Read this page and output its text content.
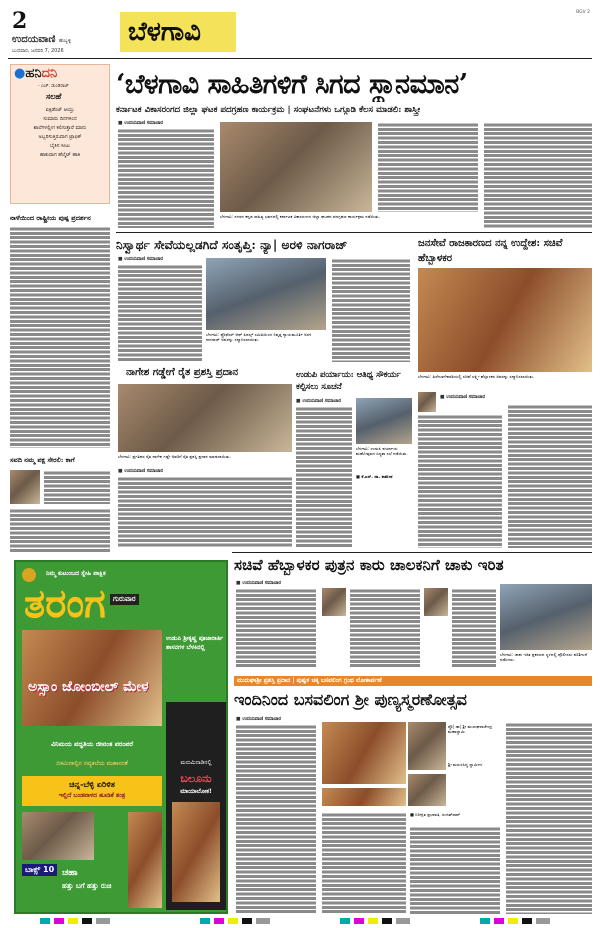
2
ಉದಯವಾಣಿ ಹುಬ್ಬಳ್ಳಿ
ಬುಧವಾರ, ಜನವರಿ 7, 2026
ಬೆಳಗಾವಿ
BGV 2
●ಹನಿದನಿ
- ಎಚ್. ಡುಂಡಿರಾಜ್
ಸಲಹೆ
ಏಕ್ಸಿಡೆಂಟ್ ಆಯ್ತು
ಸುಮಾರು ದಿನಗಳಿಂದ
ಶಾಲೆಗಳಲ್ಲೀಗ ಕಲಿಸುತ್ತಾರೆ ಮಾನು
ಅಬ್ಬರಿಸುತ್ತಿರುವಾಗ ಟ್ರಾಫಿಕ್
ಬೈಕಿನ ಸೀಟು
ಹಾಕುವಾಗ ಹೆಲ್ಮೆಟ್ ಹಾಕಿ
ನಾಳೆಯಿಂದ ರಾಷ್ಟ್ರೀಯ ಪುಷ್ಪ ಪ್ರದರ್ಶನ
ಸವದಿ ನಮ್ಮ ಪಕ್ಷ ಸೇರಲಿ: ಕಾಗೆ
‘ಬೆಳಗಾವಿ ಸಾಹಿತಿಗಳಿಗೆ ಸಿಗದ ಸ್ಥಾನಮಾನ’
ಕರ್ನಾಟಕ ವಿಕಾಸರಂಗದ ಜಿಲ್ಲಾ ಘಟಕ ಪದಗ್ರಹಣ ಕಾರ್ಯಕ್ರಮ | ಸಂಘಟನೆಗಳು ಒಗ್ಗೂಡಿ ಕೆಲಸ ಮಾಡಲಿ: ಶಾಸ್ತ್ರೀ
■ ಉದಯವಾಣಿ ಸಮಾಚಾರ
ಬೆಳಗಾವಿ: ನಗರದ ಕನ್ನಡ ಸಾಹಿತ್ಯ ಭವನದಲ್ಲಿ ಕರ್ನಾಟಕ ವಿಕಾಸರಂಗದ ಜಿಲ್ಲಾ ಘಟಕದ ಪದಗ್ರಹಣ ಕಾರ್ಯಕ್ರಮ ನಡೆಯಿತು.
ನಿಸ್ವಾರ್ಥ ಸೇವೆಯಲ್ಲಡಗಿದೆ ಸಂತೃಪ್ತಿ: ನ್ಯಾ| ಅರಳಿ ನಾಗರಾಜ್
■ ಉದಯವಾಣಿ ಸಮಾಚಾರ
ಬೆಳಗಾವಿ: ಪ್ರೊಫೆಸರ್ ಆಫ್ ಪಿಪಲ್ಸ್ ಸಮಿತಿಯಿಂದ ನಿವೃತ್ತ ನ್ಯಾಯಮೂರ್ತಿ ಅರಳಿ ನಾಗರಾಜ್ ಅವರನ್ನು ಸನ್ಮಾನಿಸಲಾಯಿತು.
ನಾಗೇಶ ಗಡ್ಡೇಗೆ ರೈತ ಪ್ರಶಸ್ತಿ ಪ್ರದಾನ
ಬೆಳಗಾವಿ: ಪ್ರಗತಿಪರ ರೈತ ನಾಗೇಶ ಗಡ್ಡೇ ಅವರಿಗೆ ರೈತ ಪ್ರಶಸ್ತಿ ಪ್ರದಾನ ಮಾಡಲಾಯಿತು.
■ ಉದಯವಾಣಿ ಸಮಾಚಾರ
ಉಡುಪಿ ಪರ್ಯಾಯ: ಆತಿಥ್ಯ ಸೌಕರ್ಯ ಕಲ್ಪಿಸಲು ಸೂಚನೆ
■ ಉದಯವಾಣಿ ಸಮಾಚಾರ
ಬೆಳಗಾವಿ: ಉಡುಪಿ ಪರ್ಯಾಯ ಮಹೋತ್ಸವದ ಸಿದ್ಧತಾ ಸಭೆ ನಡೆಯಿತು.
■ ಕೆ.ಎಸ್. ಡಾ. ಕಾಮೇಶ
ಜನಸೇವೆ ರಾಜಕಾರಣದ ನನ್ನ ಉದ್ದೇಶ: ಸಚಿವೆ ಹೆಬ್ಬಾಳಕರ
ಬೆಳಗಾವಿ: ಹಿರೇಬಾಗೇವಾಡಿಯಲ್ಲಿ ಸಚಿವೆ ಲಕ್ಷ್ಮೀ ಹೆಬ್ಬಾಳಕರ ಅವರನ್ನು ಸನ್ಮಾನಿಸಲಾಯಿತು.
■ ಉದಯವಾಣಿ ಸಮಾಚಾರ
ನಿಮ್ಮ ಕುಟುಂಬದ ಸ್ನೇಹಿ ಪಾಕ್ಷಿಕ
ತರಂಗ	ಗುರುವಾರ
ಉಡುಪಿ ಶ್ರೀಕೃಷ್ಣ ಪೂಜಾರಾರ್ತಿ ಶಾಸನಗಳ ಬೆಳಕಿನಲ್ಲಿ
ಅಸ್ಸಾಂ ಜೋಂಬೀಲ್ ಮೇಳ
ವಿನಿಮಯ ಪದ್ಧತಿಯ ಜೀವಂತ ಪರಂಪರೆ
ಬಿಕಮಿನಾಲ್ಪಿನ ನವ್ಯಕಲೆಯ ಮಹಾಸಂತೆ
ಚಿನ್ನ-ಬೆಳ್ಳಿ ಏರಿಳಿತ
ಇಲ್ಲಿದೆ ಬಂಡವಾಳದ ಹೂಡಿಕೆ ತಂತ್ರ
ಬಾಕ್ಸ್ 10 ಚಹಾ
ಹತ್ತು ಬಗೆ ಹತ್ತು ರುಚಿ
ಮನುಮಿನಾಡಿನಲ್ಲಿ
ಬಲೂನು
ಮಾಯಾಲೋಕ!
ಸಚಿವೆ ಹೆಬ್ಬಾಳಕರ ಪುತ್ರನ ಕಾರು ಚಾಲಕನಿಗೆ ಚಾಕು ಇರಿತ
■ ಉದಯವಾಣಿ ಸಮಾಚಾರ
ಬೆಳಗಾವಿ: ಚಾಕು ಇರಿತ ಪ್ರಕರಣದ ಸ್ಥಳದಲ್ಲಿ ಪೊಲೀಸರು ಪರಿಶೀಲನೆ ನಡೆಸಿದರು.
ಮುರುಘಾಶ್ರೀ ಪ್ರಶಸ್ತಿ ಪ್ರದಾನ | ಪುಷ್ಪಳ ಚಿಕ್ಕ ಬಸವಲಿಂಗ ಗ್ರಂಥ ಲೋಕಾರ್ಪಣೆ
ಇಂದಿನಿಂದ ಬಸವಲಿಂಗ ಶ್ರೀ ಪುಣ್ಯಸ್ಮರಣೋತ್ಸವ
■ ಉದಯವಾಣಿ ಸಮಾಚಾರ
ಪ್ರೊ| ಡಾ| ಶ್ರೀ ಮುರುಘರಾಜೇಂದ್ರ ಮಹಾಸ್ವಾಮಿ
ಶ್ರೀ ಮರುಳಸಿದ್ಧ ಸ್ವಾಮಿಗಳ
■ ನಿರೀಕ್ಷಿತ ಪ್ರಭಾವತಿ, ರಂಜಿತ್‌ರಾವ್
